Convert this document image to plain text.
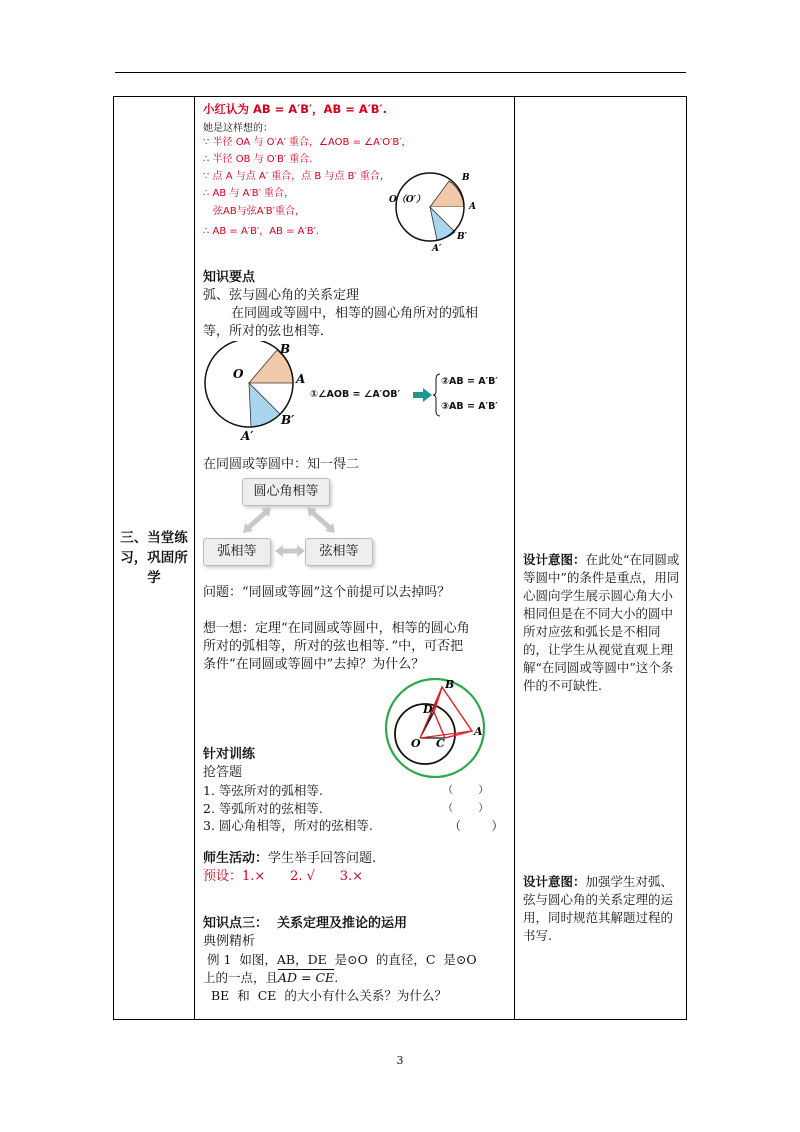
三、当堂练习，巩固所学

小红认为 AB = A′B′，AB = A′B′.
她是这样想的：
∵ 半径 OA 与 O′A′ 重合，∠AOB = ∠A′O′B′，
∴ 半径 OB 与 O′B′ 重合.
∵ 点 A 与点 A′ 重合，点 B 与点 B′ 重合，
∴ AB 与 A′B′ 重合，
　弦AB与弦A′B′重合，
∴ AB = A′B′，AB = A′B′.
O（O′）
B
A
A′
B′
知识要点
弧、弦与圆心角的关系定理
在同圆或等圆中，相等的圆心角所对的弧相
等，所对的弦也相等．
O
B
A
B′
A′
①∠AOB = ∠A′OB′
②AB = A′B′
③AB = A′B′
在同圆或等圆中：知一得二
圆心角相等
弧相等	弦相等
问题：“同圆或等圆”这个前提可以去掉吗？
想一想：定理“在同圆或等圆中，相等的圆心角
所对的弧相等，所对的弦也相等．”中，可否把
条件“在同圆或等圆中”去掉？为什么？
B
D
O C
A
针对训练
抢答题
1. 等弦所对的弧相等.
2. 等弧所对的弦相等.
3. 圆心角相等，所对的弦相等.
（        ）
（        ）
（        ）
师生活动：学生举手回答问题.
预设：1.×      2. √      3.×
知识点三：  关系定理及推论的运用
典例精析
例 1  如图，AB，DE  是⊙O  的直径，C  是⊙O
上的一点，且AD = CE.
BE  和  CE  的大小有什么关系？为什么？

设计意图：在此处“在同圆或等圆中”的条件是重点，用同心圆向学生展示圆心角大小相同但是在不同大小的圆中所对应弦和弧长是不相同的，让学生从视觉直观上理解“在同圆或等圆中”这个条件的不可缺性.
设计意图：加强学生对弧、弦与圆心角的关系定理的运用，同时规范其解题过程的书写.
3
